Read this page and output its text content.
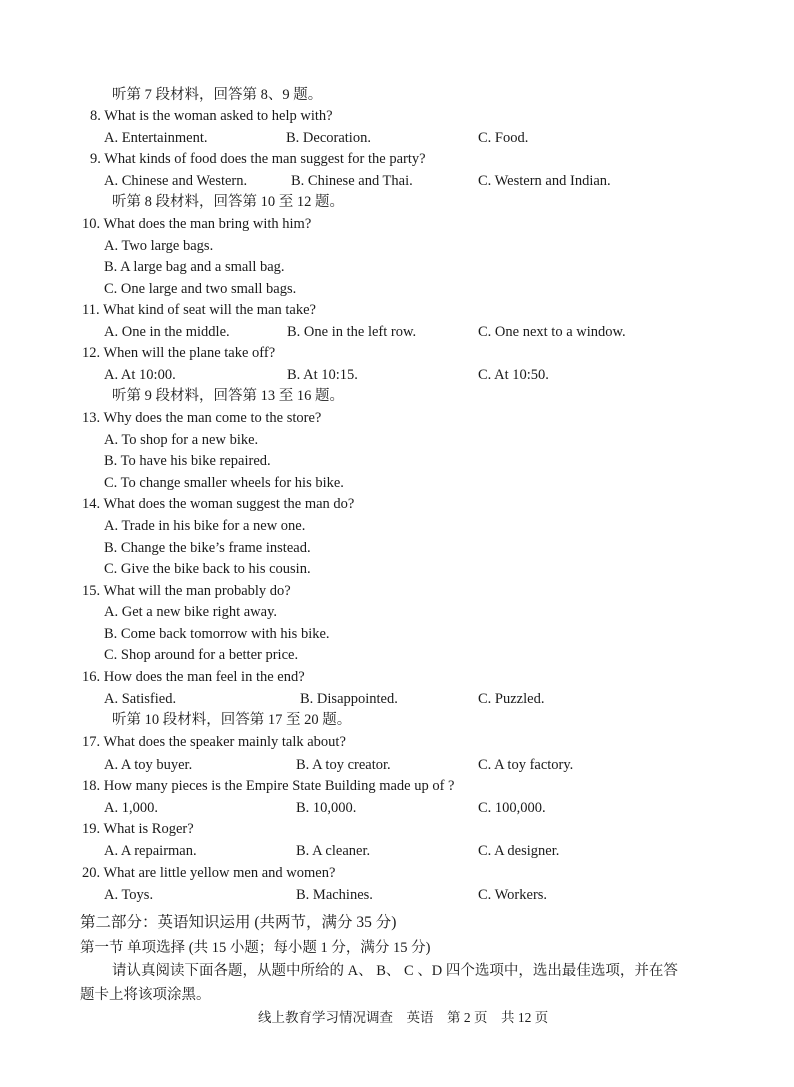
听第 7 段材料，回答第 8、9 题。
8. What is the woman asked to help with?
A. Entertainment.	B. Decoration.	C. Food.
9. What kinds of food does the man suggest for the party?
A. Chinese and Western.	B. Chinese and Thai.	C. Western and Indian.
听第 8 段材料，回答第 10 至 12 题。
10. What does the man bring with him?
A. Two large bags.
B. A large bag and a small bag.
C. One large and two small bags.
11. What kind of seat will the man take?
A. One in the middle.	B. One in the left row.	C. One next to a window.
12. When will the plane take off?
A. At 10:00.	B. At 10:15.	C. At 10:50.
听第 9 段材料，回答第 13 至 16 题。
13. Why does the man come to the store?
A. To shop for a new bike.
B. To have his bike repaired.
C. To change smaller wheels for his bike.
14. What does the woman suggest the man do?
A. Trade in his bike for a new one.
B. Change the bike’s frame instead.
C. Give the bike back to his cousin.
15. What will the man probably do?
A. Get a new bike right away.
B. Come back tomorrow with his bike.
C. Shop around for a better price.
16. How does the man feel in the end?
A. Satisfied.	B. Disappointed.	C. Puzzled.
听第 10 段材料，回答第 17 至 20 题。
17. What does the speaker mainly talk about?
A. A toy buyer.	B. A toy creator.	C. A toy factory.
18. How many pieces is the Empire State Building made up of ?
A. 1,000.	B. 10,000.	C. 100,000.
19. What is Roger?
A. A repairman.	B. A cleaner.	C. A designer.
20. What are little yellow men and women?
A. Toys.	B. Machines.	C. Workers.
第二部分：英语知识运用 (共两节，满分 35 分)
第一节 单项选择 (共 15 小题；每小题 1 分，满分 15 分)
请认真阅读下面各题，从题中所给的 A、 B、 C 、D 四个选项中，选出最佳选项，并在答
题卡上将该项涂黑。
线上教育学习情况调查　英语　第 2 页　共 12 页
